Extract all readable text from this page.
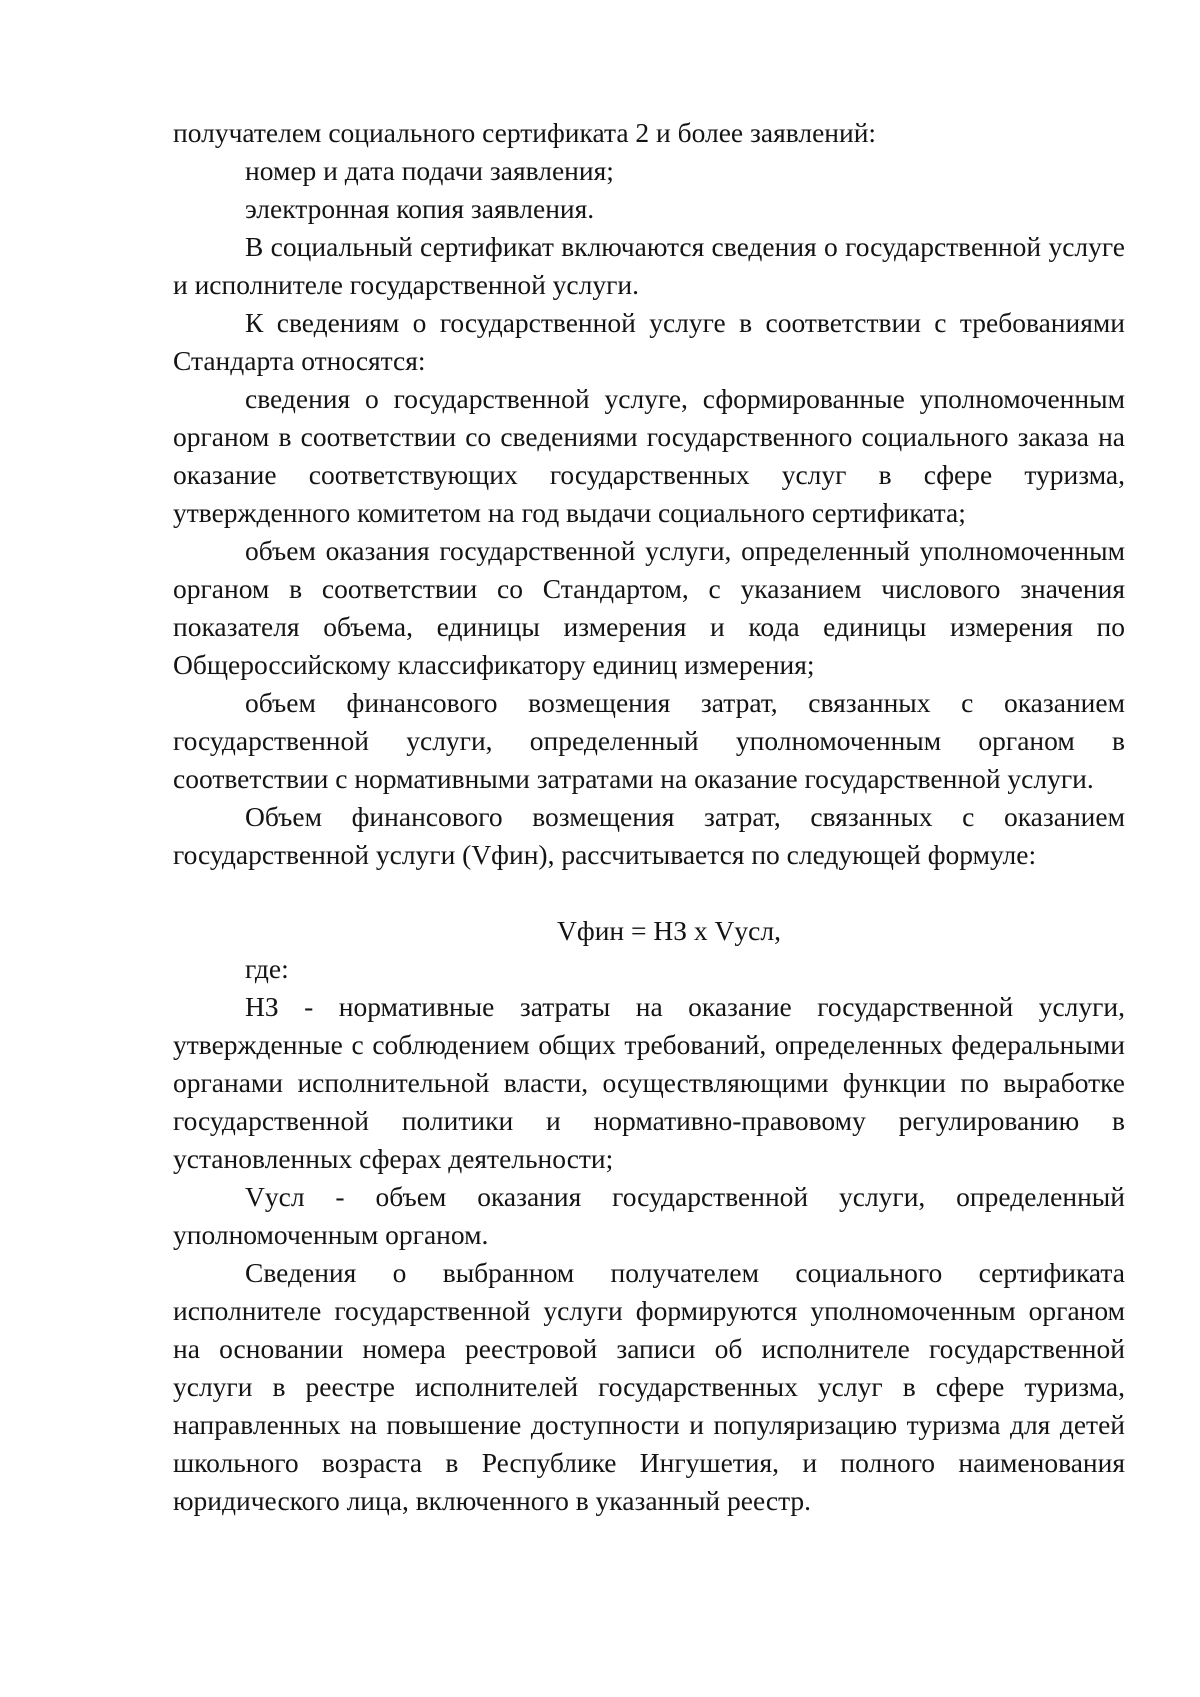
получателем социального сертификата 2 и более заявлений:

номер и дата подачи заявления;

электронная копия заявления.

В социальный сертификат включаются сведения о государственной услуге и исполнителе государственной услуги.

К сведениям о государственной услуге в соответствии с требованиями Стандарта относятся:

сведения о государственной услуге, сформированные уполномоченным органом в соответствии со сведениями государственного социального заказа на оказание соответствующих государственных услуг в сфере туризма, утвержденного комитетом на год выдачи социального сертификата;

объем оказания государственной услуги, определенный уполномоченным органом в соответствии со Стандартом, с указанием числового значения показателя объема, единицы измерения и кода единицы измерения по Общероссийскому классификатору единиц измерения;

объем финансового возмещения затрат, связанных с оказанием государственной услуги, определенный уполномоченным органом в соответствии с нормативными затратами на оказание государственной услуги.

Объем финансового возмещения затрат, связанных с оказанием государственной услуги (Vфин), рассчитывается по следующей формуле:

Vфин = НЗ х Vусл,

где:

НЗ - нормативные затраты на оказание государственной услуги, утвержденные с соблюдением общих требований, определенных федеральными органами исполнительной власти, осуществляющими функции по выработке государственной политики и нормативно-правовому регулированию в установленных сферах деятельности;

Vусл - объем оказания государственной услуги, определенный уполномоченным органом.

Сведения о выбранном получателем социального сертификата исполнителе государственной услуги формируются уполномоченным органом на основании номера реестровой записи об исполнителе государственной услуги в реестре исполнителей государственных услуг в сфере туризма, направленных на повышение доступности и популяризацию туризма для детей школьного возраста в Республике Ингушетия, и полного наименования юридического лица, включенного в указанный реестр.
